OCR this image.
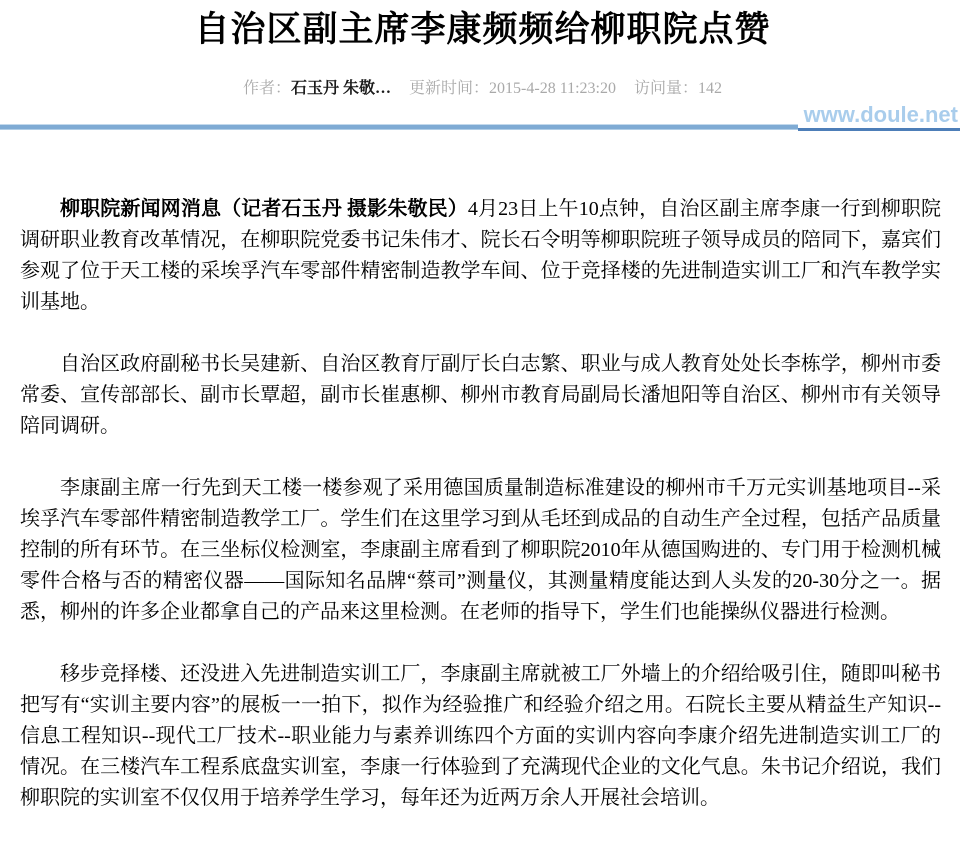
自治区副主席李康频频给柳职院点赞
作者：石玉丹 朱敬… 更新时间：2015-4-28 11:23:20 访问量：142
www.doule.net

柳职院新闻网消息（记者石玉丹 摄影朱敬民）4月23日上午10点钟，自治区副主席李康一行到柳职院调研职业教育改革情况，在柳职院党委书记朱伟才、院长石令明等柳职院班子领导成员的陪同下，嘉宾们参观了位于天工楼的采埃孚汽车零部件精密制造教学车间、位于竞择楼的先进制造实训工厂和汽车教学实训基地。

自治区政府副秘书长吴建新、自治区教育厅副厅长白志繁、职业与成人教育处处长李栋学，柳州市委常委、宣传部部长、副市长覃超，副市长崔惠柳、柳州市教育局副局长潘旭阳等自治区、柳州市有关领导陪同调研。

李康副主席一行先到天工楼一楼参观了采用德国质量制造标准建设的柳州市千万元实训基地项目--采埃孚汽车零部件精密制造教学工厂。学生们在这里学习到从毛坯到成品的自动生产全过程，包括产品质量控制的所有环节。在三坐标仪检测室，李康副主席看到了柳职院2010年从德国购进的、专门用于检测机械零件合格与否的精密仪器——国际知名品牌“蔡司”测量仪，其测量精度能达到人头发的20-30分之一。据悉，柳州的许多企业都拿自己的产品来这里检测。在老师的指导下，学生们也能操纵仪器进行检测。

移步竞择楼、还没进入先进制造实训工厂，李康副主席就被工厂外墙上的介绍给吸引住，随即叫秘书把写有“实训主要内容”的展板一一拍下，拟作为经验推广和经验介绍之用。石院长主要从精益生产知识--信息工程知识--现代工厂技术--职业能力与素养训练四个方面的实训内容向李康介绍先进制造实训工厂的情况。在三楼汽车工程系底盘实训室，李康一行体验到了充满现代企业的文化气息。朱书记介绍说，我们柳职院的实训室不仅仅用于培养学生学习，每年还为近两万余人开展社会培训。
